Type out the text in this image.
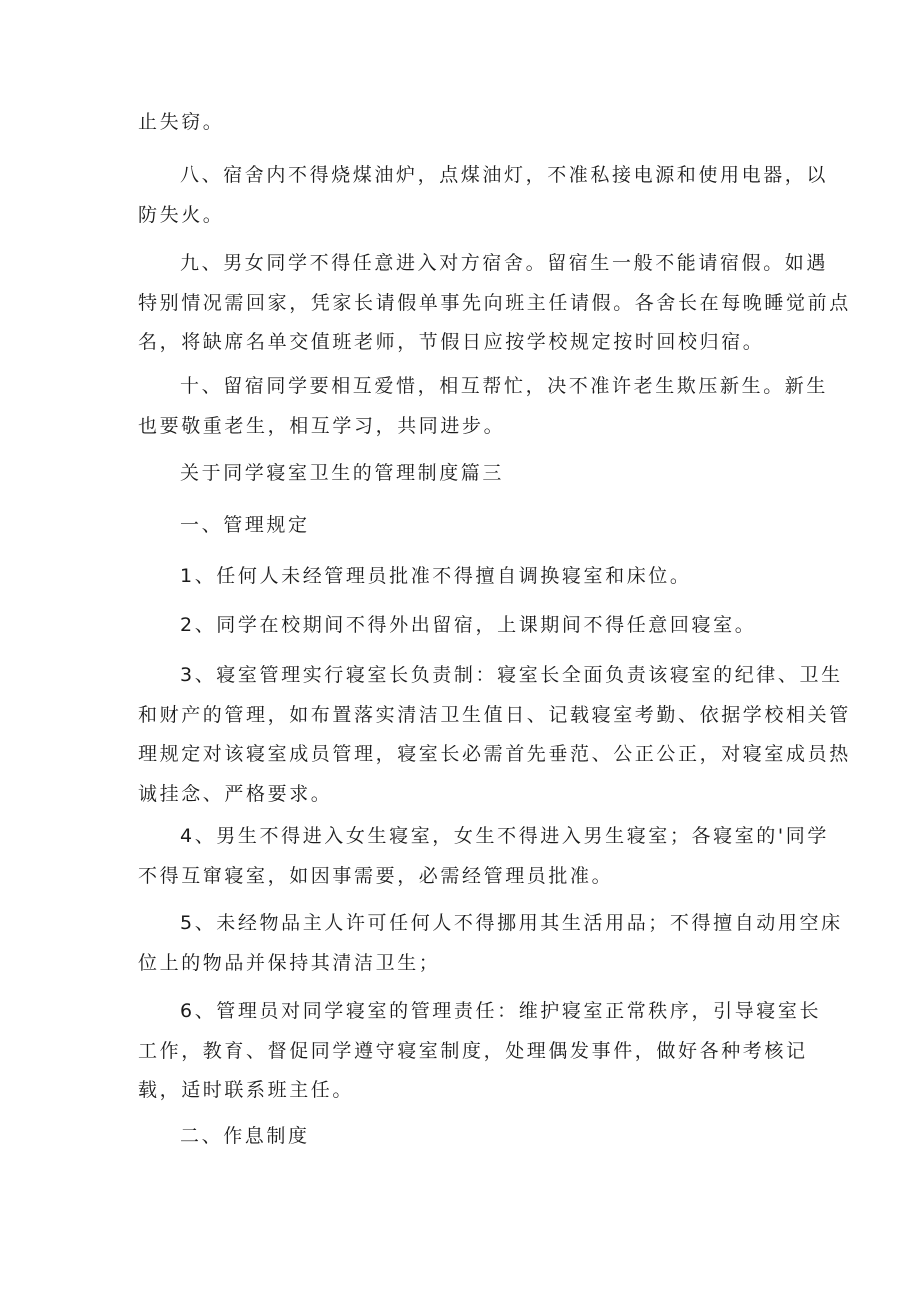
止失窃。

八、宿舍内不得烧煤油炉，点煤油灯，不准私接电源和使用电器，以
防失火。

九、男女同学不得任意进入对方宿舍。留宿生一般不能请宿假。如遇
特别情况需回家，凭家长请假单事先向班主任请假。各舍长在每晚睡觉前点
名，将缺席名单交值班老师，节假日应按学校规定按时回校归宿。

十、留宿同学要相互爱惜，相互帮忙，决不准许老生欺压新生。新生
也要敬重老生，相互学习，共同进步。

关于同学寝室卫生的管理制度篇三

一、管理规定

1、任何人未经管理员批准不得擅自调换寝室和床位。

2、同学在校期间不得外出留宿，上课期间不得任意回寝室。

3、寝室管理实行寝室长负责制：寝室长全面负责该寝室的纪律、卫生
和财产的管理，如布置落实清洁卫生值日、记载寝室考勤、依据学校相关管
理规定对该寝室成员管理，寝室长必需首先垂范、公正公正，对寝室成员热
诚挂念、严格要求。

4、男生不得进入女生寝室，女生不得进入男生寝室；各寝室的'同学
不得互窜寝室，如因事需要，必需经管理员批准。

5、未经物品主人许可任何人不得挪用其生活用品；不得擅自动用空床
位上的物品并保持其清洁卫生；

6、管理员对同学寝室的管理责任：维护寝室正常秩序，引导寝室长
工作，教育、督促同学遵守寝室制度，处理偶发事件，做好各种考核记
载，适时联系班主任。

二、作息制度
